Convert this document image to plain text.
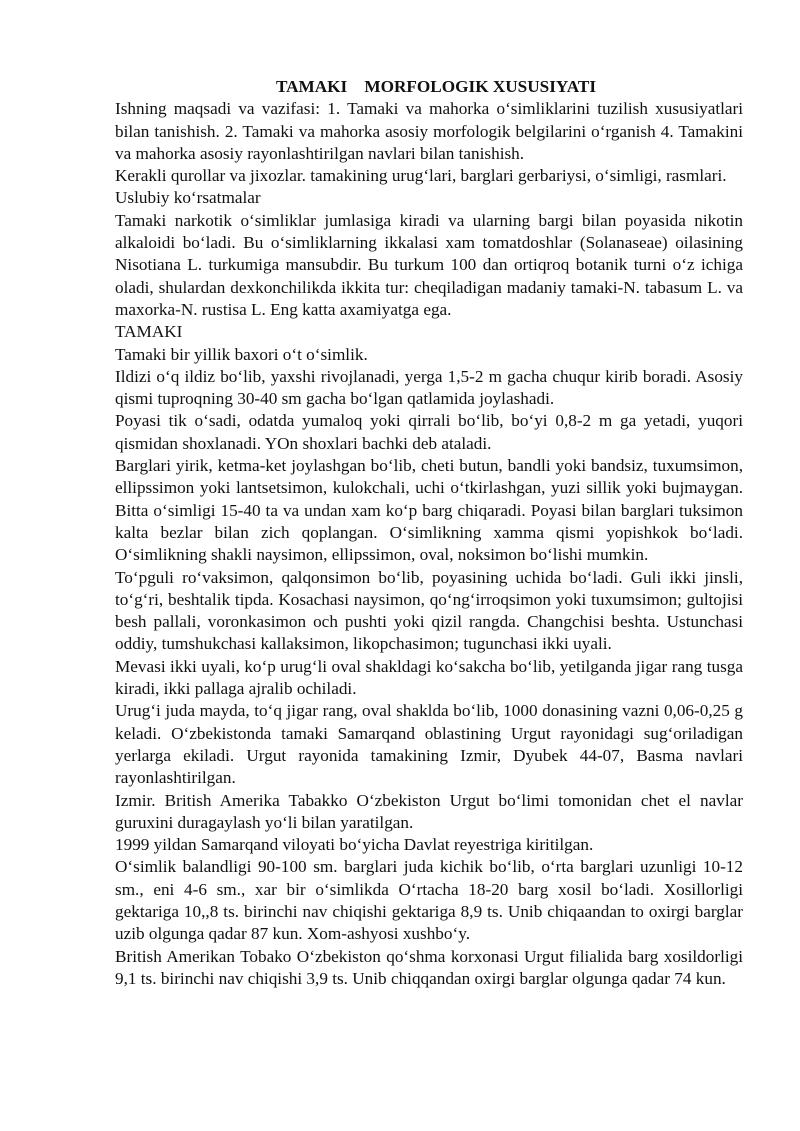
TAMAKI    MORFOLOGIK XUSUSIYATI

Ishning maqsadi va vazifasi: 1. Tamaki va mahorka o‘simliklarini tuzilish xususiyatlari bilan tanishish. 2. Tamaki va mahorka asosiy morfologik belgilarini o‘rganish 4. Tamakini va mahorka asosiy rayonlashtirilgan navlari bilan tanishish.

Kerakli qurollar va jixozlar. tamakining urug‘lari, barglari gerbariysi, o‘simligi, rasmlari.

Uslubiy ko‘rsatmalar

Tamaki narkotik o‘simliklar jumlasiga kiradi va ularning bargi bilan poyasida nikotin alkaloidi bo‘ladi. Bu o‘simliklarning ikkalasi xam tomatdoshlar (Solanaseae) oilasining Nisotiana L. turkumiga mansubdir. Bu turkum 100 dan ortiqroq botanik turni o‘z ichiga oladi, shulardan dexkonchilikda ikkita tur: cheqiladigan madaniy tamaki-N. tabasum L. va maxorka-N. rustisa L. Eng katta axamiyatga ega.

TAMAKI

Tamaki bir yillik baxori o‘t o‘simlik.

Ildizi o‘q ildiz bo‘lib, yaxshi rivojlanadi, yerga 1,5-2 m gacha chuqur kirib boradi. Asosiy qismi tuproqning 30-40 sm gacha bo‘lgan qatlamida joylashadi.

Poyasi tik o‘sadi, odatda yumaloq yoki qirrali bo‘lib, bo‘yi 0,8-2 m ga yetadi, yuqori qismidan shoxlanadi. YOn shoxlari bachki deb ataladi.

Barglari yirik, ketma-ket joylashgan bo‘lib, cheti butun, bandli yoki bandsiz, tuxumsimon, ellipssimon yoki lantsetsimon, kulokchali, uchi o‘tkirlashgan, yuzi sillik yoki bujmaygan. Bitta o‘simligi 15-40 ta va undan xam ko‘p barg chiqaradi. Poyasi bilan barglari tuksimon kalta bezlar bilan zich qoplangan. O‘simlikning xamma qismi yopishkok bo‘ladi. O‘simlikning shakli naysimon, ellipssimon, oval, noksimon bo‘lishi mumkin.

To‘pguli ro‘vaksimon, qalqonsimon bo‘lib, poyasining uchida bo‘ladi. Guli ikki jinsli, to‘g‘ri, beshtalik tipda. Kosachasi naysimon, qo‘ng‘irroqsimon yoki tuxumsimon; gultojisi besh pallali, voronkasimon och pushti yoki qizil rangda. Changchisi beshta. Ustunchasi oddiy, tumshukchasi kallaksimon, likopchasimon; tugunchasi ikki uyali.

Mevasi ikki uyali, ko‘p urug‘li oval shakldagi ko‘sakcha bo‘lib, yetilganda jigar rang tusga kiradi, ikki pallaga ajralib ochiladi.

Urug‘i juda mayda, to‘q jigar rang, oval shaklda bo‘lib, 1000 donasining vazni 0,06-0,25 g keladi. O‘zbekistonda tamaki Samarqand oblastining Urgut rayonidagi sug‘oriladigan yerlarga ekiladi. Urgut rayonida tamakining Izmir, Dyubek 44-07, Basma navlari rayonlashtirilgan.

Izmir. British Amerika Tabakko O‘zbekiston Urgut bo‘limi tomonidan chet el navlar guruxini duragaylash yo‘li bilan yaratilgan.

1999 yildan Samarqand viloyati bo‘yicha Davlat reyestriga kiritilgan.

O‘simlik balandligi 90-100 sm. barglari juda kichik bo‘lib, o‘rta barglari uzunligi 10-12 sm., eni 4-6 sm., xar bir o‘simlikda O‘rtacha 18-20 barg xosil bo‘ladi. Xosillorligi gektariga 10,,8 ts. birinchi nav chiqishi gektariga 8,9 ts. Unib chiqaandan to oxirgi barglar uzib olgunga qadar 87 kun. Xom-ashyosi xushbo‘y.

British Amerikan Tobako O‘zbekiston qo‘shma korxonasi Urgut filialida barg xosildorligi 9,1 ts. birinchi nav chiqishi 3,9 ts. Unib chiqqandan oxirgi barglar olgunga qadar 74 kun.
